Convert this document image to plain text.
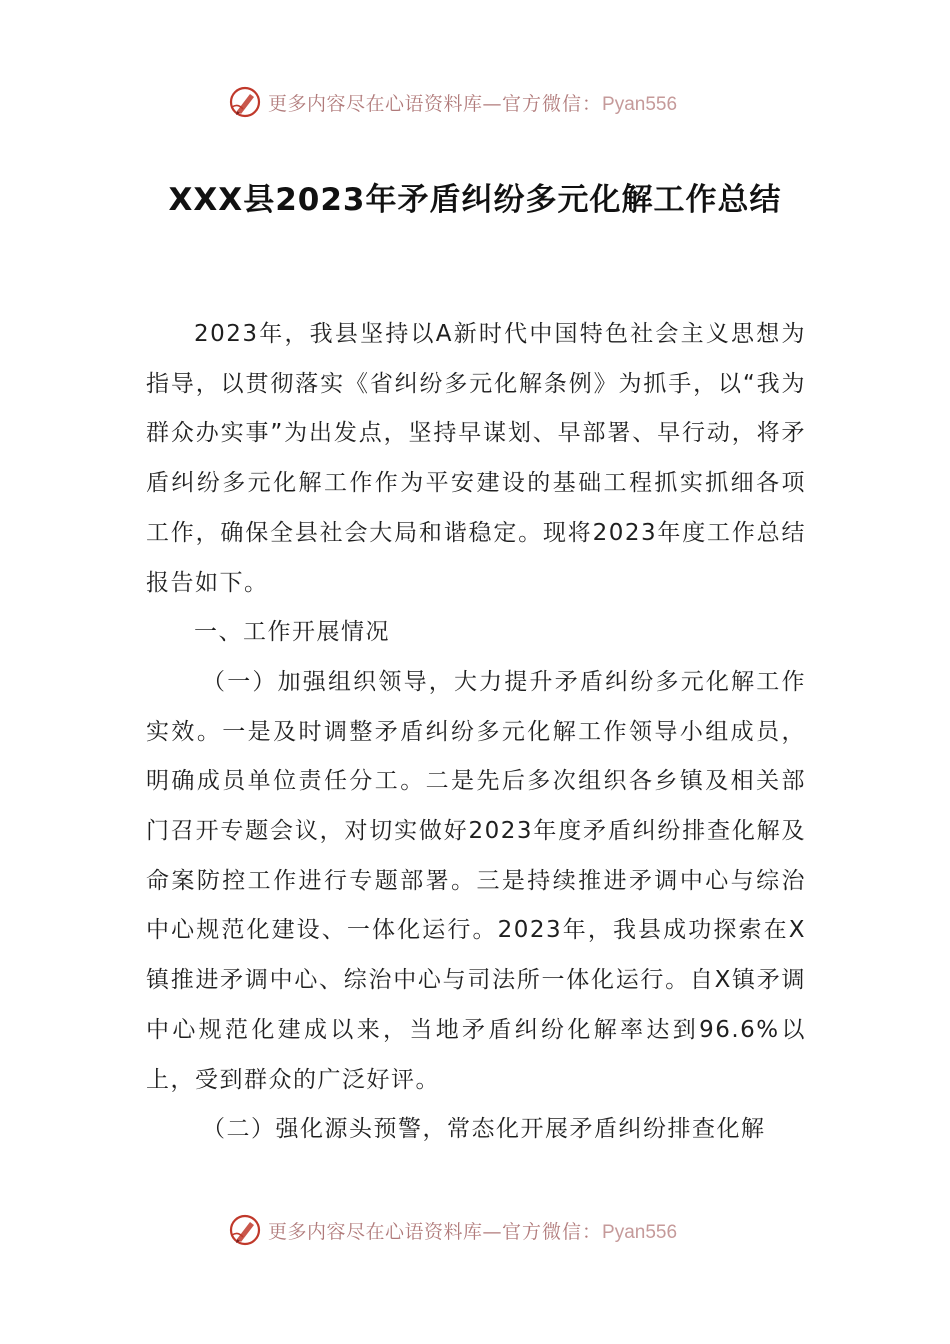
更多内容尽在心语资料库—官方微信：Pyan556
XXX县2023年矛盾纠纷多元化解工作总结

2023年，我县坚持以A新时代中国特色社会主义思想为指导，以贯彻落实《省纠纷多元化解条例》为抓手，以“我为群众办实事”为出发点，坚持早谋划、早部署、早行动，将矛盾纠纷多元化解工作作为平安建设的基础工程抓实抓细各项工作，确保全县社会大局和谐稳定。现将2023年度工作总结报告如下。

一、工作开展情况

（一）加强组织领导，大力提升矛盾纠纷多元化解工作实效。一是及时调整矛盾纠纷多元化解工作领导小组成员，明确成员单位责任分工。二是先后多次组织各乡镇及相关部门召开专题会议，对切实做好2023年度矛盾纠纷排查化解及命案防控工作进行专题部署。三是持续推进矛调中心与综治中心规范化建设、一体化运行。2023年，我县成功探索在X镇推进矛调中心、综治中心与司法所一体化运行。自X镇矛调中心规范化建成以来，当地矛盾纠纷化解率达到96.6%以上，受到群众的广泛好评。

（二）强化源头预警，常态化开展矛盾纠纷排查化解

更多内容尽在心语资料库—官方微信：Pyan556
